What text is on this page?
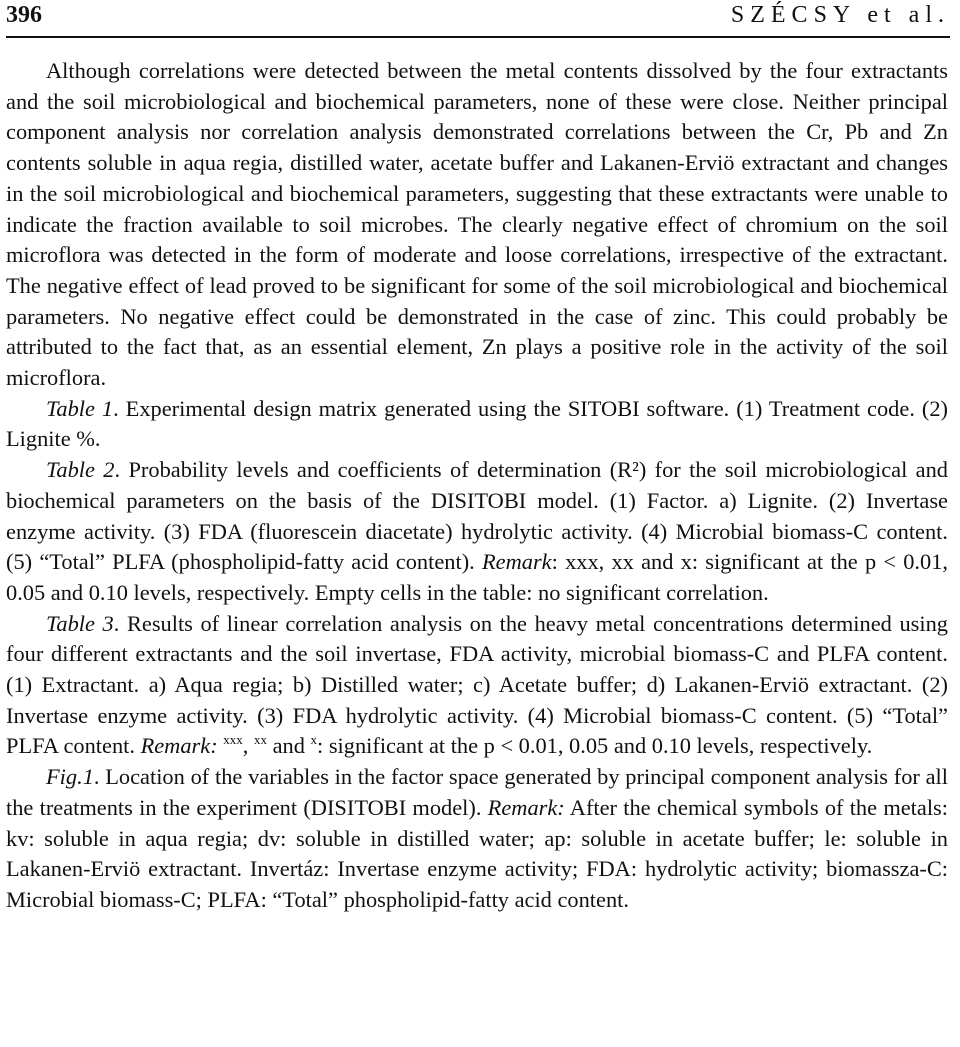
396	SZÉCSY et al.

Although correlations were detected between the metal contents dissolved by the four extractants and the soil microbiological and biochemical parameters, none of these were close. Neither principal component analysis nor correlation analysis demonstrated correlations between the Cr, Pb and Zn contents soluble in aqua regia, distilled water, acetate buffer and Lakanen-Erviö extractant and changes in the soil microbiological and biochemical parameters, suggesting that these extractants were unable to indicate the fraction available to soil microbes. The clearly negative effect of chromium on the soil microflora was detected in the form of moderate and loose correlations, irrespective of the extractant. The negative effect of lead proved to be significant for some of the soil microbiological and biochemical parameters. No negative effect could be demonstrated in the case of zinc. This could probably be attributed to the fact that, as an essential element, Zn plays a positive role in the activity of the soil microflora.

Table 1. Experimental design matrix generated using the SITOBI software. (1) Treatment code. (2) Lignite %.

Table 2. Probability levels and coefficients of determination (R²) for the soil microbiological and biochemical parameters on the basis of the DISITOBI model. (1) Factor. a) Lignite. (2) Invertase enzyme activity. (3) FDA (fluorescein diacetate) hydrolytic activity. (4) Microbial biomass-C content. (5) “Total” PLFA (phospholipid-fatty acid content). Remark: xxx, xx and x: significant at the p < 0.01, 0.05 and 0.10 levels, respectively. Empty cells in the table: no significant correlation.

Table 3. Results of linear correlation analysis on the heavy metal concentrations determined using four different extractants and the soil invertase, FDA activity, microbial biomass-C and PLFA content. (1) Extractant. a) Aqua regia; b) Distilled water; c) Acetate buffer; d) Lakanen-Erviö extractant. (2) Invertase enzyme activity. (3) FDA hydrolytic activity. (4) Microbial biomass-C content. (5) “Total” PLFA content. Remark: $^{xxx}$, $^{xx}$ and $^x$: significant at the p < 0.01, 0.05 and 0.10 levels, respectively.

Fig.1. Location of the variables in the factor space generated by principal component analysis for all the treatments in the experiment (DISITOBI model). Remark: After the chemical symbols of the metals: kv: soluble in aqua regia; dv: soluble in distilled water; ap: soluble in acetate buffer; le: soluble in Lakanen-Erviö extractant. Invertáz: Invertase enzyme activity; FDA: hydrolytic activity; biomassza-C: Microbial biomass-C; PLFA: “Total” phospholipid-fatty acid content.
